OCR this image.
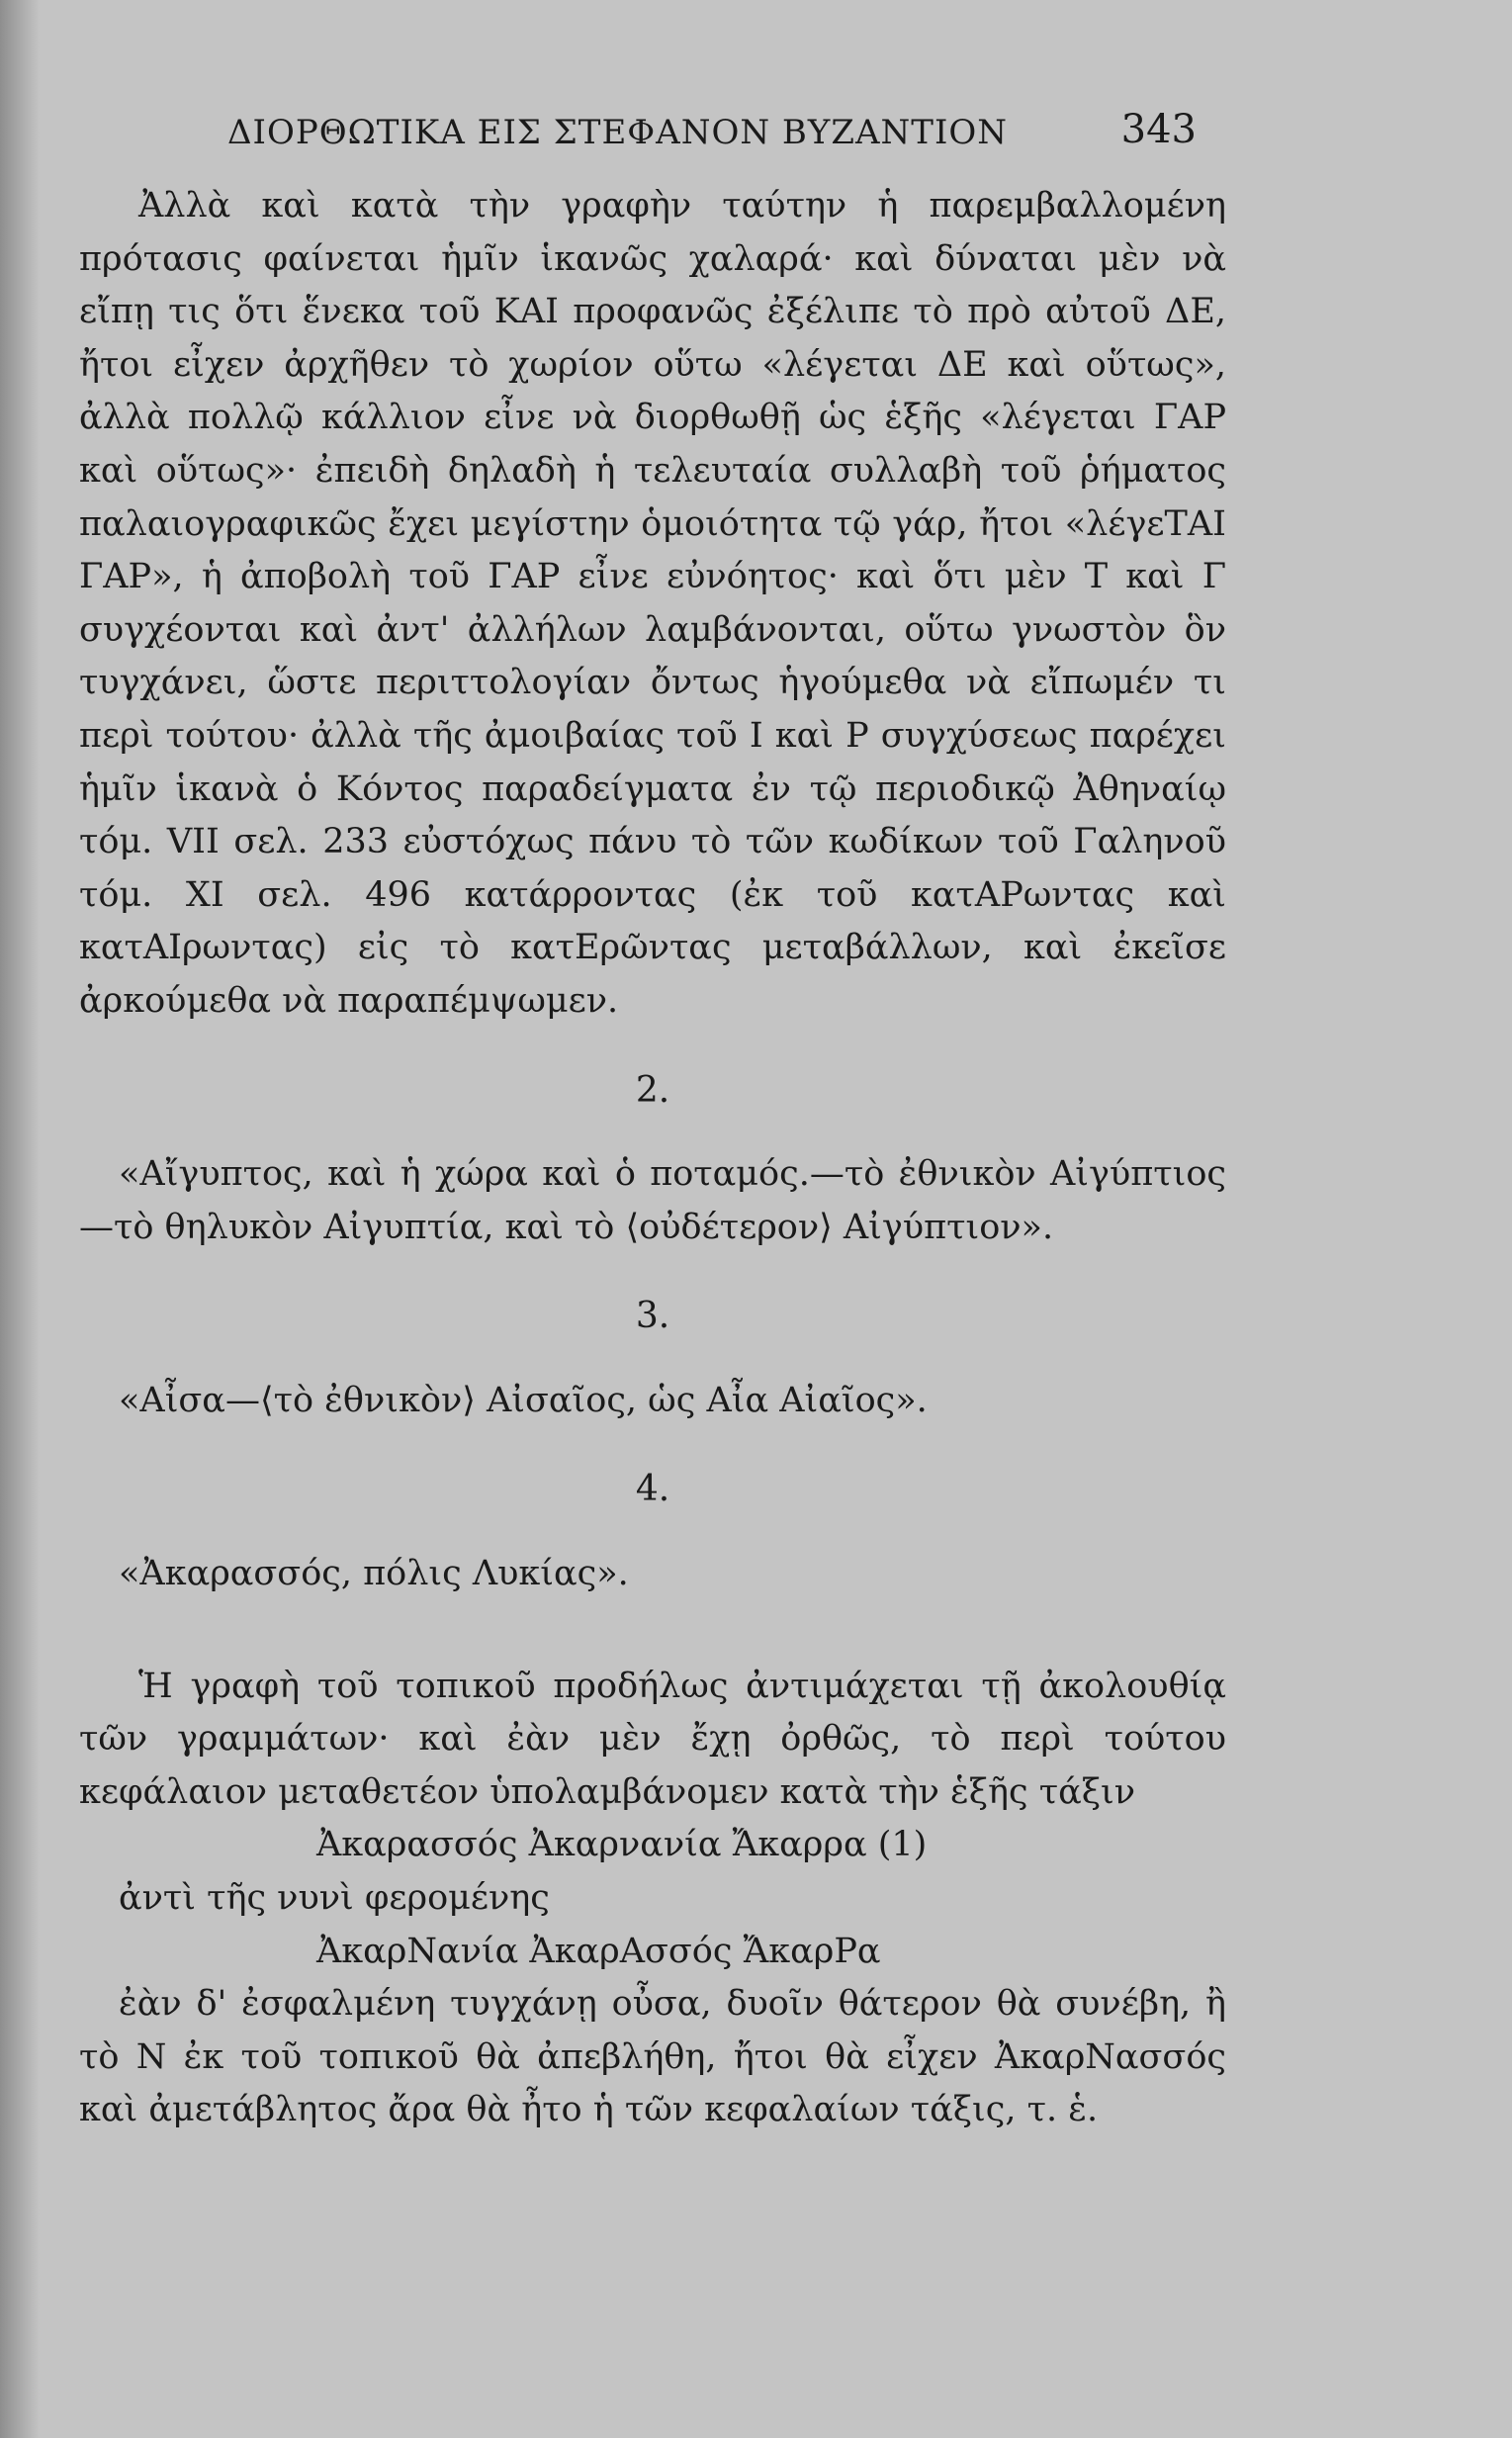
ΔΙΟΡΘΩΤΙΚΑ ΕΙΣ ΣΤΕΦΑΝΟΝ ΒΥΖΑΝΤΙΟΝ	343

Ἀλλὰ καὶ κατὰ τὴν γραφὴν ταύτην ἡ παρεμβαλλομένη πρότασις φαίνεται ἡμῖν ἱκανῶς χαλαρά· καὶ δύναται μὲν νὰ εἴπῃ τις ὅτι ἕνεκα τοῦ ΚΑΙ προφανῶς ἐξέλιπε τὸ πρὸ αὐτοῦ ΔΕ, ἤτοι εἶχεν ἀρχῆθεν τὸ χωρίον οὕτω «λέγεται ΔΕ καὶ οὕτως», ἀλλὰ πολλῷ κάλλιον εἶνε νὰ διορθωθῇ ὡς ἑξῆς «λέγεται ΓΑΡ καὶ οὕτως»· ἐπειδὴ δηλαδὴ ἡ τελευταία συλλαβὴ τοῦ ῥήματος παλαιογραφικῶς ἔχει μεγίστην ὁμοιότητα τῷ γάρ, ἤτοι «λέγεΤΑΙ ΓΑΡ», ἡ ἀποβολὴ τοῦ ΓΑΡ εἶνε εὐνόητος· καὶ ὅτι μὲν Τ καὶ Γ συγχέονται καὶ ἀντ' ἀλλήλων λαμβάνονται, οὕτω γνωστὸν ὃν τυγχάνει, ὥστε περιττολογίαν ὄντως ἡγούμεθα νὰ εἴπωμέν τι περὶ τούτου· ἀλλὰ τῆς ἀμοιβαίας τοῦ Ι καὶ Ρ συγχύσεως παρέχει ἡμῖν ἱκανὰ ὁ Κόντος παραδείγματα ἐν τῷ περιοδικῷ Ἀθηναίῳ τόμ. VII σελ. 233 εὐστόχως πάνυ τὸ τῶν κωδίκων τοῦ Γαληνοῦ τόμ. XI σελ. 496 κατάρροντας (ἐκ τοῦ κατΑΡωντας καὶ κατΑΙρωντας) εἰς τὸ κατΕρῶντας μεταβάλλων, καὶ ἐκεῖσε ἀρκούμεθα νὰ παραπέμψωμεν.

2.

«Αἴγυπτος, καὶ ἡ χώρα καὶ ὁ ποταμός.—τὸ ἐθνικὸν Αἰγύπτιος—τὸ θηλυκὸν Αἰγυπτία, καὶ τὸ ⟨οὐδέτερον⟩ Αἰγύπτιον».

3.

«Αἶσα—⟨τὸ ἐθνικὸν⟩ Αἰσαῖος, ὡς Αἶα Αἰαῖος».

4.

«Ἀκαρασσός, πόλις Λυκίας».

Ἡ γραφὴ τοῦ τοπικοῦ προδήλως ἀντιμάχεται τῇ ἀκολουθίᾳ τῶν γραμμάτων· καὶ ἐὰν μὲν ἔχῃ ὀρθῶς, τὸ περὶ τούτου κεφάλαιον μεταθετέον ὑπολαμβάνομεν κατὰ τὴν ἑξῆς τάξιν

Ἀκαρασσός Ἀκαρνανία Ἄκαρρα (1)

ἀντὶ τῆς νυνὶ φερομένης

ἈκαρΝανία ἈκαρΑσσός ἌκαρΡα

ἐὰν δ' ἐσφαλμένη τυγχάνῃ οὖσα, δυοῖν θάτερον θὰ συνέβη, ἢ τὸ Ν ἐκ τοῦ τοπικοῦ θὰ ἀπεβλήθη, ἤτοι θὰ εἶχεν ἈκαρΝασσός καὶ ἀμετάβλητος ἄρα θὰ ἦτο ἡ τῶν κεφαλαίων τάξις, τ. ἑ.
